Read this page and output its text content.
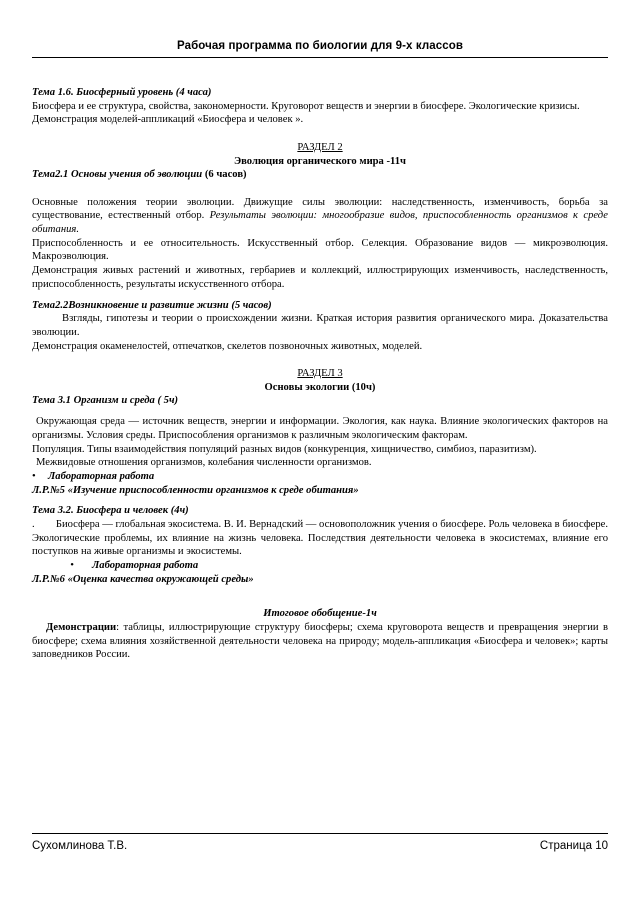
Рабочая программа по биологии для 9-х классов
Тема 1.6. Биосферный уровень (4 часа)
Биосфера и ее структура, свойства, закономерности. Круговорот веществ и энергии в биосфере. Экологические кризисы.
Демонстрация моделей-аппликаций «Биосфера и человек ».
РАЗДЕЛ 2
Эволюция органического мира -11ч
Тема2.1 Основы учения об эволюции (6 часов)
Основные положения теории эволюции. Движущие силы эволюции: наследственность, изменчивость, борьба за существование, естественный отбор. Результаты эволюции: многообразие видов, приспособленность организмов к среде обитания.
Приспособленность и ее относительность. Искусственный отбор. Селекция. Образование видов — микроэволюция. Макроэволюция.
Демонстрация живых растений и животных, гербариев и коллекций, иллюстрирующих изменчивость, наследственность, приспособленность, результаты искусственного отбора.
Тема2.2Возникновение и развитие жизни (5 часов)
Взгляды, гипотезы и теории о происхождении жизни. Краткая история развития органического мира. Доказательства эволюции.
Демонстрация окаменелостей, отпечатков, скелетов позвоночных животных, моделей.
РАЗДЕЛ 3
Основы экологии (10ч)
Тема 3.1 Организм и среда ( 5ч)
Окружающая среда — источник веществ, энергии и информации. Экология, как наука. Влияние экологических факторов на организмы. Условия среды. Приспособления организмов к различным экологическим факторам.
Популяция. Типы взаимодействия популяций разных видов (конкуренция, хищничество, симбиоз, паразитизм).
Межвидовые отношения организмов, колебания численности организмов.
•	Лабораторная работа
Л.Р.№5 «Изучение приспособленности организмов к среде обитания»
Тема 3.2. Биосфера и человек (4ч)
. Биосфера — глобальная экосистема. В. И. Вернадский — основоположник учения о биосфере. Роль человека в биосфере. Экологические проблемы, их влияние на жизнь человека. Последствия деятельности человека в экосистемах, влияние его поступков на живые организмы и экосистемы.
•	Лабораторная работа
Л.Р.№6 «Оценка качества окружающей среды»
Итоговое обобщение-1ч
Демонстрации: таблицы, иллюстрирующие структуру биосферы; схема круговорота веществ и превращения энергии в биосфере; схема влияния хозяйственной деятельности человека на природу; модель-аппликация «Биосфера и человек»; карты заповедников России.
Сухомлинова Т.В.	Страница 10
